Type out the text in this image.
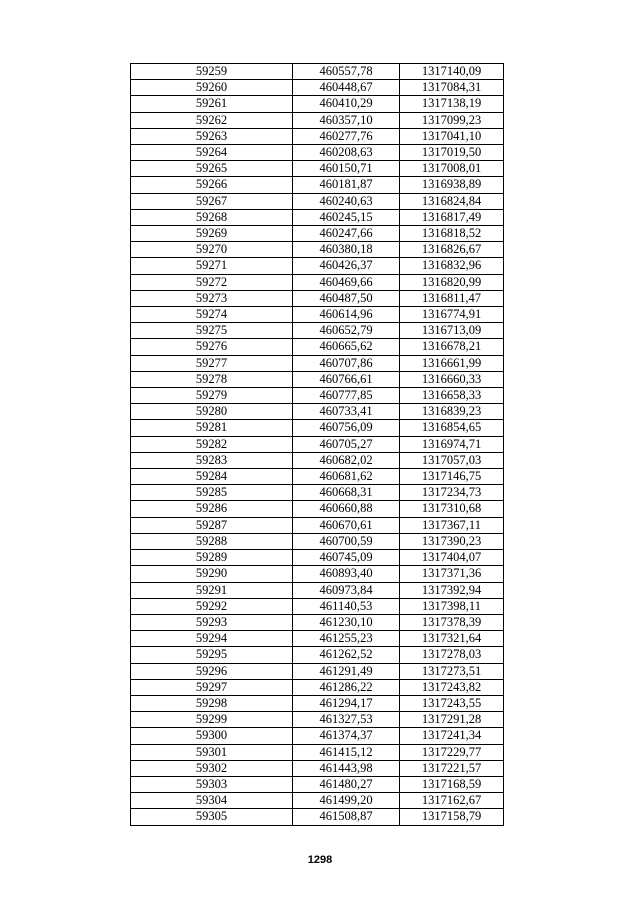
59259	460557,78	1317140,09
59260	460448,67	1317084,31
59261	460410,29	1317138,19
59262	460357,10	1317099,23
59263	460277,76	1317041,10
59264	460208,63	1317019,50
59265	460150,71	1317008,01
59266	460181,87	1316938,89
59267	460240,63	1316824,84
59268	460245,15	1316817,49
59269	460247,66	1316818,52
59270	460380,18	1316826,67
59271	460426,37	1316832,96
59272	460469,66	1316820,99
59273	460487,50	1316811,47
59274	460614,96	1316774,91
59275	460652,79	1316713,09
59276	460665,62	1316678,21
59277	460707,86	1316661,99
59278	460766,61	1316660,33
59279	460777,85	1316658,33
59280	460733,41	1316839,23
59281	460756,09	1316854,65
59282	460705,27	1316974,71
59283	460682,02	1317057,03
59284	460681,62	1317146,75
59285	460668,31	1317234,73
59286	460660,88	1317310,68
59287	460670,61	1317367,11
59288	460700,59	1317390,23
59289	460745,09	1317404,07
59290	460893,40	1317371,36
59291	460973,84	1317392,94
59292	461140,53	1317398,11
59293	461230,10	1317378,39
59294	461255,23	1317321,64
59295	461262,52	1317278,03
59296	461291,49	1317273,51
59297	461286,22	1317243,82
59298	461294,17	1317243,55
59299	461327,53	1317291,28
59300	461374,37	1317241,34
59301	461415,12	1317229,77
59302	461443,98	1317221,57
59303	461480,27	1317168,59
59304	461499,20	1317162,67
59305	461508,87	1317158,79
1298
